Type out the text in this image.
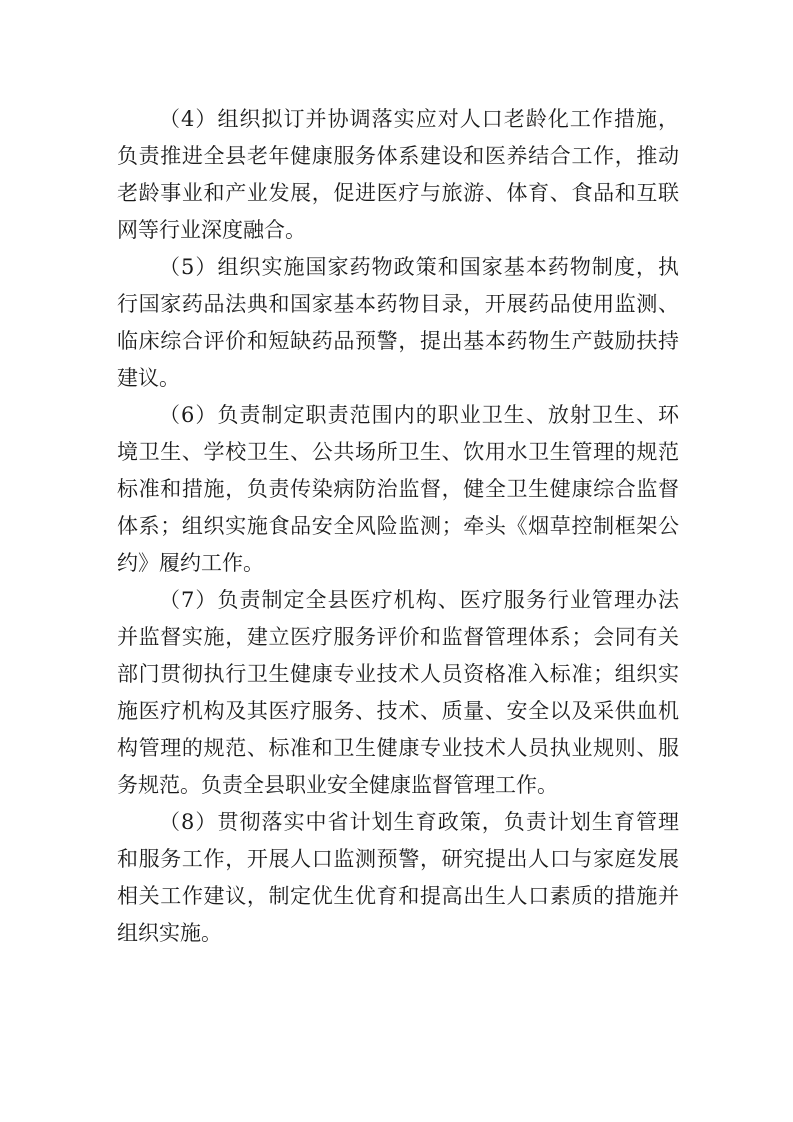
（4）组织拟订并协调落实应对人口老龄化工作措施，
负责推进全县老年健康服务体系建设和医养结合工作，推动
老龄事业和产业发展，促进医疗与旅游、体育、食品和互联
网等行业深度融合。
（5）组织实施国家药物政策和国家基本药物制度，执
行国家药品法典和国家基本药物目录，开展药品使用监测、
临床综合评价和短缺药品预警，提出基本药物生产鼓励扶持
建议。
（6）负责制定职责范围内的职业卫生、放射卫生、环
境卫生、学校卫生、公共场所卫生、饮用水卫生管理的规范
标准和措施，负责传染病防治监督，健全卫生健康综合监督
体系；组织实施食品安全风险监测；牵头《烟草控制框架公
约》履约工作。
（7）负责制定全县医疗机构、医疗服务行业管理办法
并监督实施，建立医疗服务评价和监督管理体系；会同有关
部门贯彻执行卫生健康专业技术人员资格准入标准；组织实
施医疗机构及其医疗服务、技术、质量、安全以及采供血机
构管理的规范、标准和卫生健康专业技术人员执业规则、服
务规范。负责全县职业安全健康监督管理工作。
（8）贯彻落实中省计划生育政策，负责计划生育管理
和服务工作，开展人口监测预警，研究提出人口与家庭发展
相关工作建议，制定优生优育和提高出生人口素质的措施并
组织实施。
